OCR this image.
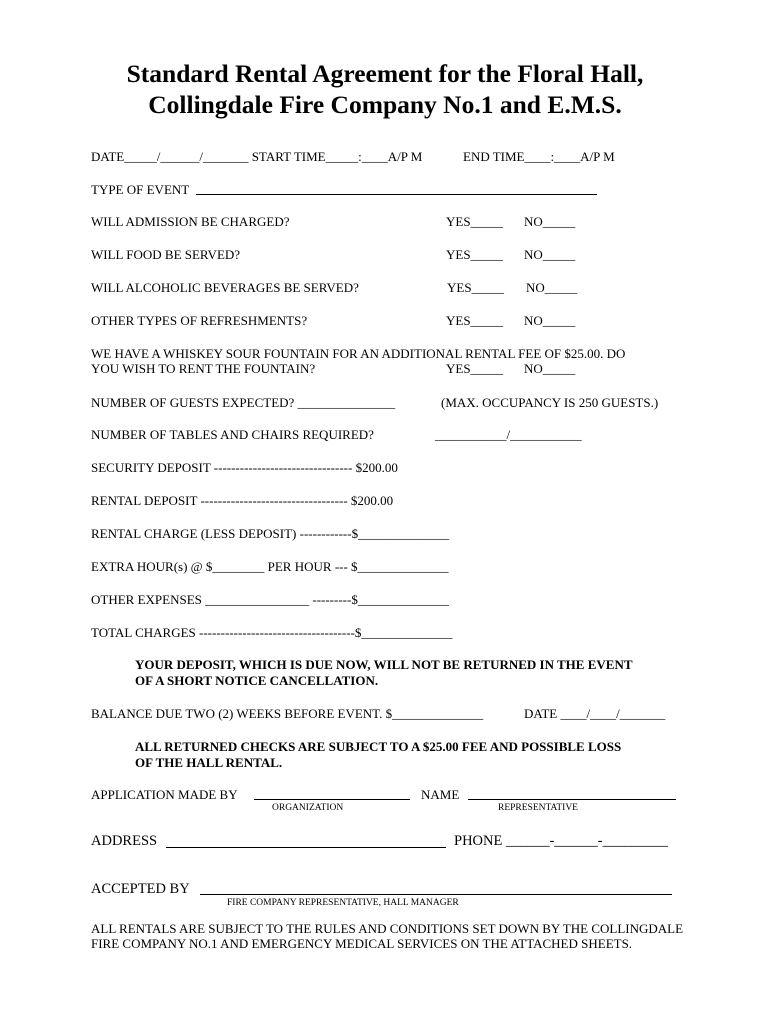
Standard Rental Agreement for the Floral Hall,
Collingdale Fire Company No.1 and E.M.S.
DATE_____/______/_______ START TIME_____:____A/P M	END TIME____:____A/P M
TYPE OF EVENT
WILL ADMISSION BE CHARGED?	YES_____ NO_____
WILL FOOD BE SERVED?	YES_____ NO_____
WILL ALCOHOLIC BEVERAGES BE SERVED?	YES_____ NO_____
OTHER TYPES OF REFRESHMENTS?	YES_____ NO_____
WE HAVE A WHISKEY SOUR FOUNTAIN FOR AN ADDITIONAL RENTAL FEE OF $25.00. DO
YOU WISH TO RENT THE FOUNTAIN?	YES_____ NO_____
NUMBER OF GUESTS EXPECTED? _______________	(MAX. OCCUPANCY IS 250 GUESTS.)
NUMBER OF TABLES AND CHAIRS REQUIRED?	___________/___________
SECURITY DEPOSIT -------------------------------- $200.00
RENTAL DEPOSIT ---------------------------------- $200.00
RENTAL CHARGE (LESS DEPOSIT) ------------$______________
EXTRA HOUR(s) @ $________ PER HOUR --- $______________
OTHER EXPENSES ________________ ---------$______________
TOTAL CHARGES ------------------------------------$______________
YOUR DEPOSIT, WHICH IS DUE NOW, WILL NOT BE RETURNED IN THE EVENT
OF A SHORT NOTICE CANCELLATION.
BALANCE DUE TWO (2) WEEKS BEFORE EVENT. $______________	DATE ____/____/_______
ALL RETURNED CHECKS ARE SUBJECT TO A $25.00 FEE AND POSSIBLE LOSS
OF THE HALL RENTAL.
APPLICATION MADE BY
ORGANIZATION
NAME
REPRESENTATIVE
ADDRESS	PHONE ______-______-_________
ACCEPTED BY
FIRE COMPANY REPRESENTATIVE, HALL MANAGER
ALL RENTALS ARE SUBJECT TO THE RULES AND CONDITIONS SET DOWN BY THE COLLINGDALE
FIRE COMPANY NO.1 AND EMERGENCY MEDICAL SERVICES ON THE ATTACHED SHEETS.
